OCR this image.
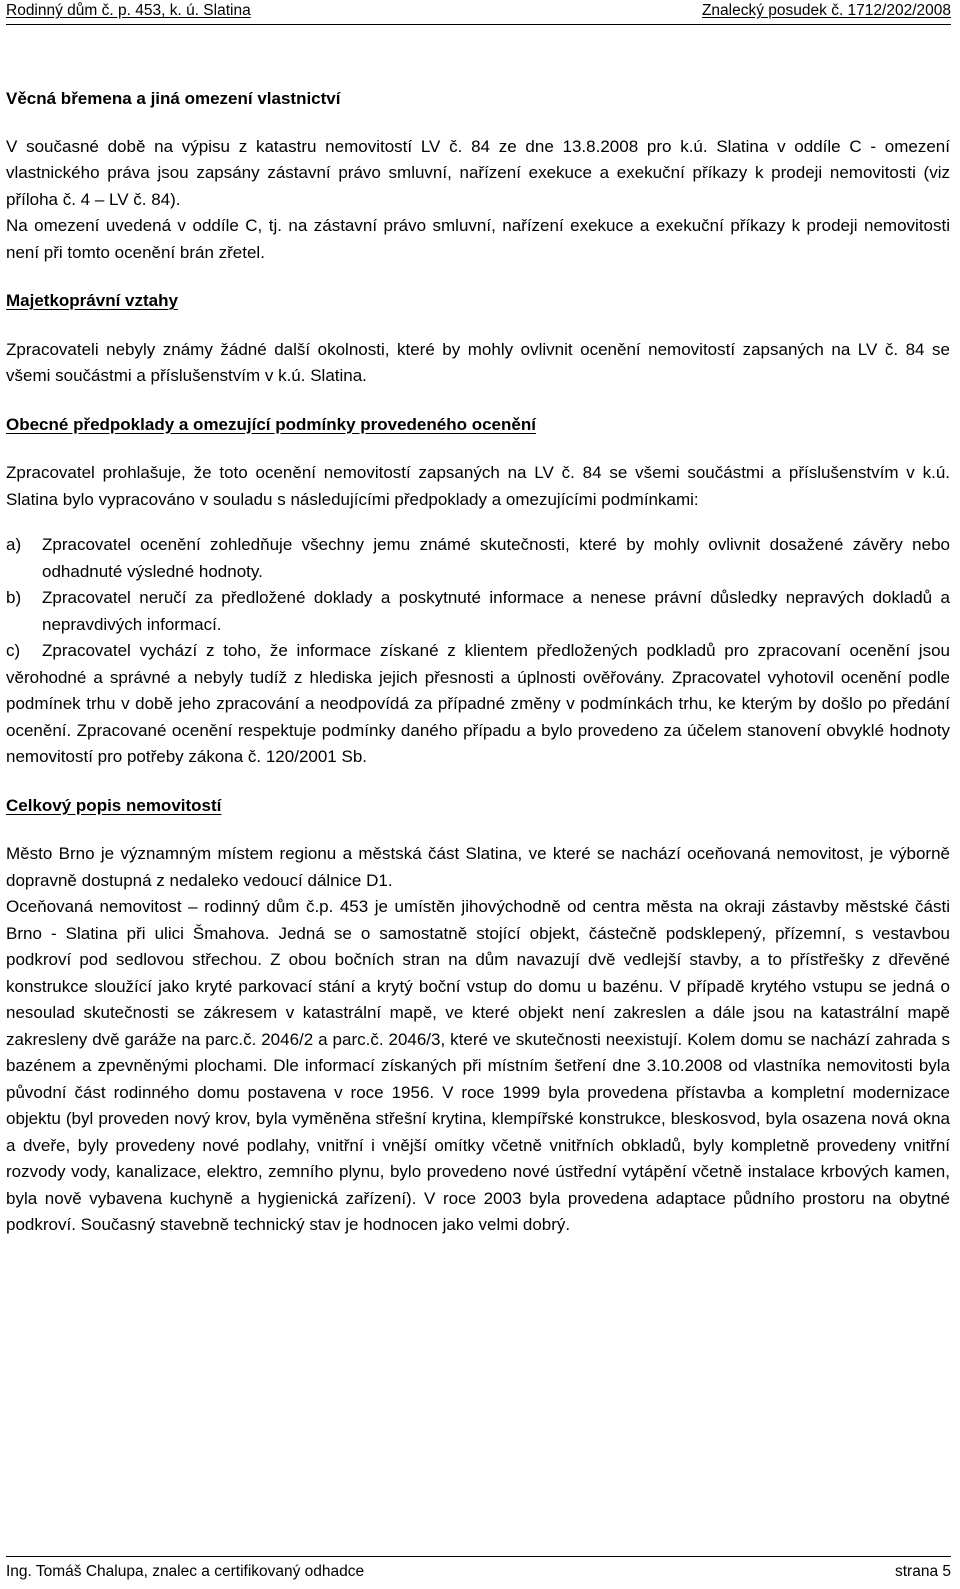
Rodinný dům č. p. 453, k. ú. Slatina	Znalecký posudek č. 1712/202/2008

Věcná břemena a jiná omezení vlastnictví

V současné době na výpisu z katastru nemovitostí LV č. 84 ze dne 13.8.2008 pro k.ú. Slatina v oddíle C - omezení vlastnického práva jsou zapsány zástavní právo smluvní, nařízení exekuce a exekuční příkazy k prodeji nemovitosti (viz příloha č. 4 – LV č. 84).

Na omezení uvedená v oddíle C, tj. na zástavní právo smluvní, nařízení exekuce a exekuční příkazy k prodeji nemovitosti není při tomto ocenění brán zřetel.

Majetkoprávní vztahy

Zpracovateli nebyly známy žádné další okolnosti, které by mohly ovlivnit ocenění nemovitostí zapsaných na LV č. 84 se všemi součástmi a příslušenstvím v k.ú. Slatina.

Obecné předpoklady a omezující podmínky provedeného ocenění

Zpracovatel prohlašuje, že toto ocenění nemovitostí zapsaných na LV č. 84 se všemi součástmi a příslušenstvím v k.ú. Slatina bylo vypracováno v souladu s následujícími předpoklady a omezujícími podmínkami:

a) Zpracovatel ocenění zohledňuje všechny jemu známé skutečnosti, které by mohly ovlivnit dosažené závěry nebo odhadnuté výsledné hodnoty.
b) Zpracovatel neručí za předložené doklady a poskytnuté informace a nenese právní důsledky nepravých dokladů a nepravdivých informací.
c) Zpracovatel vychází z toho, že informace získané z klientem předložených podkladů pro zpracovaní ocenění jsou věrohodné a správné a nebyly tudíž z hlediska jejich přesnosti a úplnosti ověřovány. Zpracovatel vyhotovil ocenění podle podmínek trhu v době jeho zpracování a neodpovídá za případné změny v podmínkách trhu, ke kterým by došlo po předání ocenění. Zpracované ocenění respektuje podmínky daného případu a bylo provedeno za účelem stanovení obvyklé hodnoty nemovitostí pro potřeby zákona č. 120/2001 Sb.

Celkový popis nemovitostí

Město Brno je významným místem regionu a městská část Slatina, ve které se nachází oceňovaná nemovitost, je výborně dopravně dostupná z nedaleko vedoucí dálnice D1.

Oceňovaná nemovitost – rodinný dům č.p. 453 je umístěn jihovýchodně od centra města na okraji zástavby městské části Brno - Slatina při ulici Šmahova. Jedná se o samostatně stojící objekt, částečně podsklepený, přízemní, s vestavbou podkroví pod sedlovou střechou. Z obou bočních stran na dům navazují dvě vedlejší stavby, a to přístřešky z dřevěné konstrukce sloužící jako kryté parkovací stání a krytý boční vstup do domu u bazénu. V případě krytého vstupu se jedná o nesoulad skutečnosti se zákresem v katastrální mapě, ve které objekt není zakreslen a dále jsou na katastrální mapě zakresleny dvě garáže na parc.č. 2046/2 a parc.č. 2046/3, které ve skutečnosti neexistují. Kolem domu se nachází zahrada s bazénem a zpevněnými plochami. Dle informací získaných při místním šetření dne 3.10.2008 od vlastníka nemovitosti byla původní část rodinného domu postavena v roce 1956. V roce 1999 byla provedena přístavba a kompletní modernizace objektu (byl proveden nový krov, byla vyměněna střešní krytina, klempířské konstrukce, bleskosvod, byla osazena nová okna a dveře, byly provedeny nové podlahy, vnitřní i vnější omítky včetně vnitřních obkladů, byly kompletně provedeny vnitřní rozvody vody, kanalizace, elektro, zemního plynu, bylo provedeno nové ústřední vytápění včetně instalace krbových kamen, byla nově vybavena kuchyně a hygienická zařízení). V roce 2003 byla provedena adaptace půdního prostoru na obytné podkroví. Současný stavebně technický stav je hodnocen jako velmi dobrý.

Ing. Tomáš Chalupa, znalec a certifikovaný odhadce	strana 5
